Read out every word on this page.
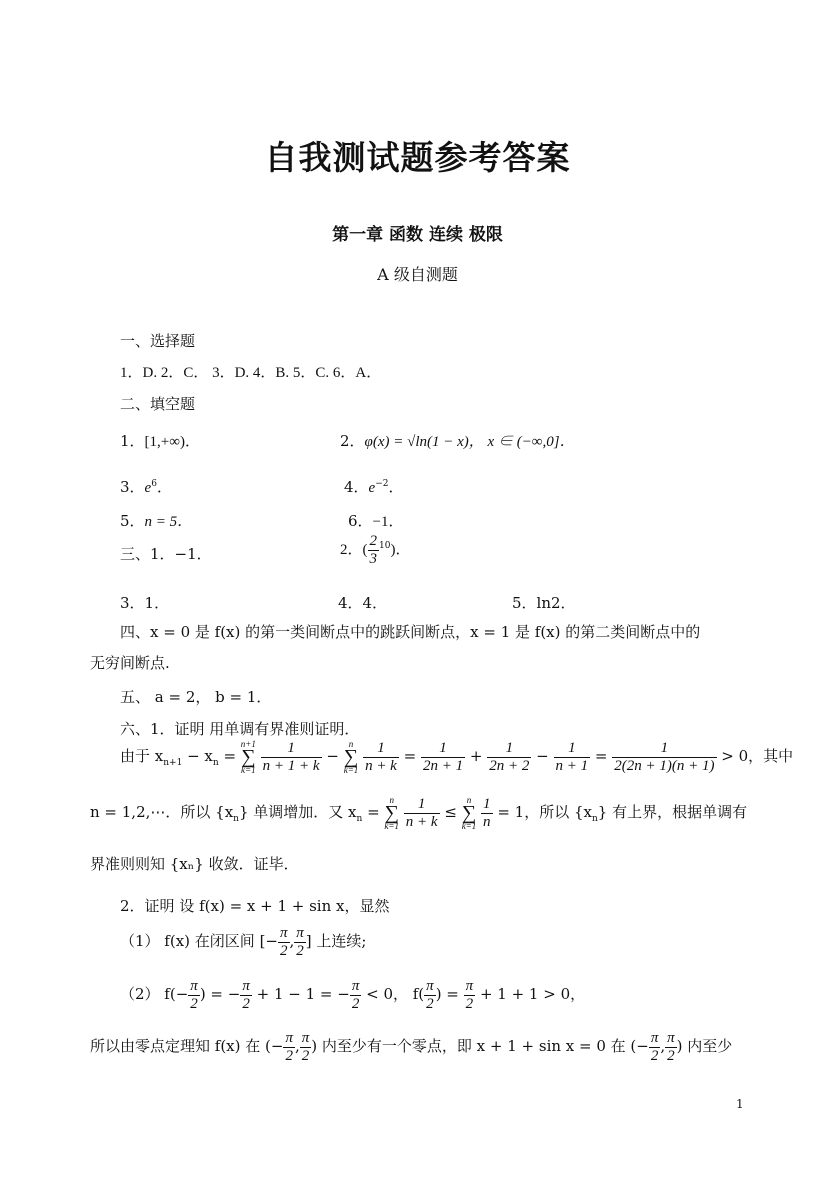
自我测试题参考答案
第一章 函数 连续 极限
A 级自测题
一、选择题
1．D. 2．C． 3．D. 4．B. 5．C. 6．A．
二、填空题
1．[1,+∞)．	2．φ(x) = √ln(1 − x)， x ∈ (−∞,0]．
3．$e^6$．	4．$e^{-2}$．
5．n = 5．	6．−1．
三、1．−1．	2．( $\frac{2}{3} ^{10}$)．
3．1．	4．4．	5．ln2．
四、x = 0 是 f(x) 的第一类间断点中的跳跃间断点，x = 1 是 f(x) 的第二类间断点中的
无穷间断点.
五、 a = 2， b = 1．
六、1．证明 用单调有界准则证明．
由于 $x_{n+1} - x_n$ =
n+1
∑
k=1
$\frac{1}{n + 1 + k}$ −
n
∑
k=1
$\frac{1}{n + k} = \frac{1}{2n + 1} + \frac{1}{2n + 2} - \frac{1}{n + 1} = \frac{1}{2(2n + 1)(n + 1)} > 0$，其中
n = 1,2,⋯．所以 $\{x_n\}$ 单调增加．又 $x_n$ =
n
∑
k=1
$\frac{1}{n + k}$ ≤
n
∑
k=1
$\frac{1}{n} = 1$，所以 $\{x_n\}$ 有上界，根据单调有
界准则则知 {xₙ} 收敛．证毕．
2．证明 设 f(x) = x + 1 + sin x，显然
（1） f(x) 在闭区间 [− $\frac{\pi}{2}$ , $\frac{\pi}{2}$ ] 上连续;
（2） $f(- \frac{\pi}{2}$ ) = − $\frac{\pi}{2} + 1 - 1$ = − $\frac{\pi}{2} < 0$， $f( \frac{\pi}{2}$ ) = $\frac{\pi}{2} + 1 + 1 > 0$，
所以由零点定理知 f(x) 在 (− $\frac{\pi}{2}$ , $\frac{\pi}{2}$ ) 内至少有一个零点，即 x + 1 + sin x = 0 在 (− $\frac{\pi}{2}$ , $\frac{\pi}{2}$ ) 内至少
1
